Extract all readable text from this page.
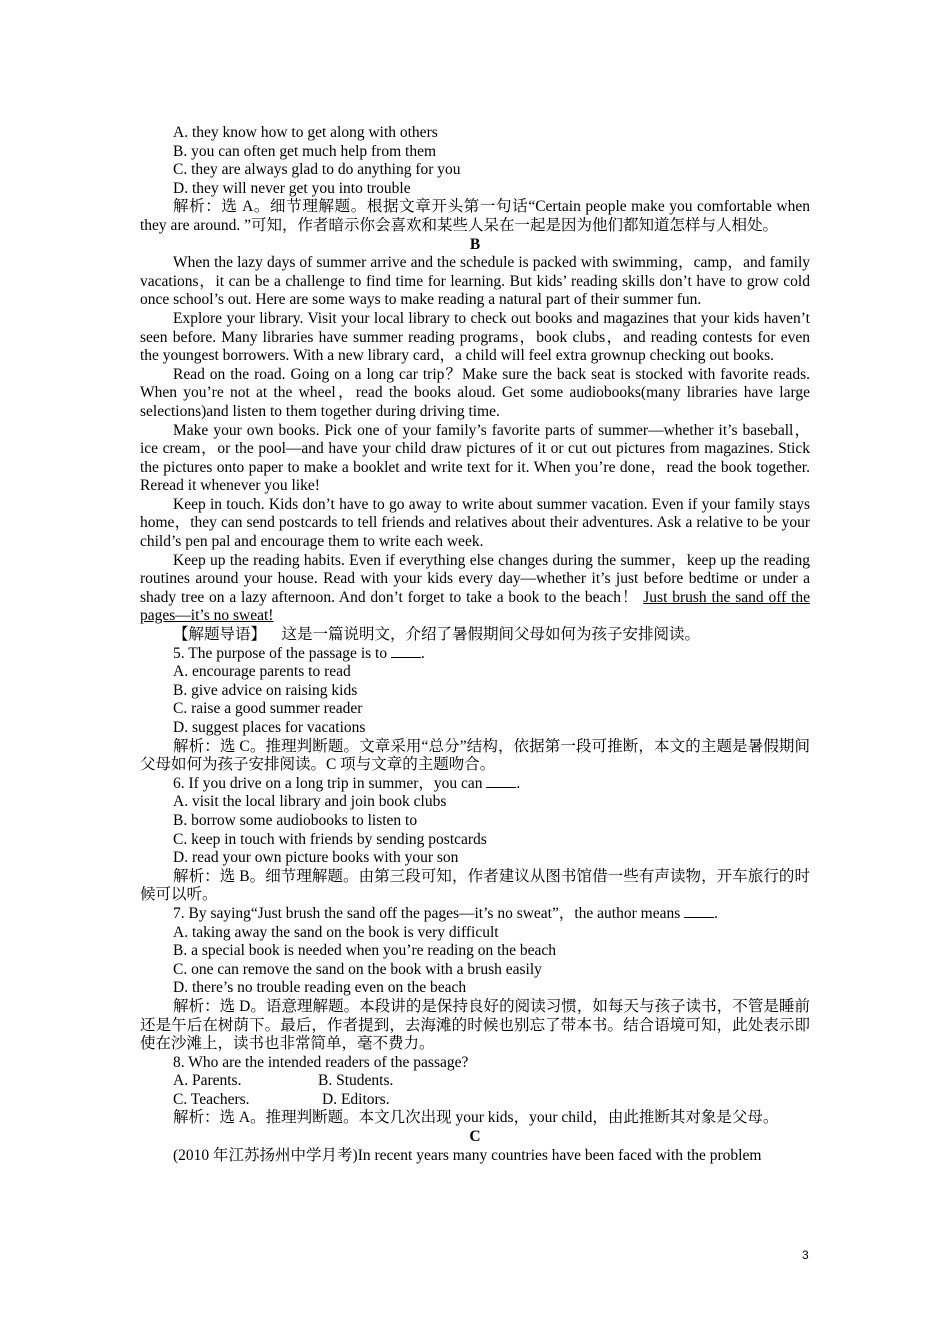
A. they know how to get along with others

B. you can often get much help from them

C. they are always glad to do anything for you

D. they will never get you into trouble

解析：选 A。细节理解题。根据文章开头第一句话“Certain people make you comfortable when they are around. ”可知，作者暗示你会喜欢和某些人呆在一起是因为他们都知道怎样与人相处。

B

When the lazy days of summer arrive and the schedule is packed with swimming，camp，and family vacations，it can be a challenge to find time for learning. But kids’ reading skills don’t have to grow cold once school’s out. Here are some ways to make reading a natural part of their summer fun.

Explore your library. Visit your local library to check out books and magazines that your kids haven’t seen before. Many libraries have summer reading programs，book clubs，and reading contests for even the youngest borrowers. With a new library card，a child will feel extra grownup checking out books.

Read on the road. Going on a long car trip？Make sure the back seat is stocked with favorite reads. When you’re not at the wheel，read the books aloud. Get some audiobooks(many libraries have large selections)and listen to them together during driving time.

Make your own books. Pick one of your family’s favorite parts of summer—whether it’s baseball，ice cream，or the pool—and have your child draw pictures of it or cut out pictures from magazines. Stick the pictures onto paper to make a booklet and write text for it. When you’re done，read the book together. Reread it whenever you like!

Keep in touch. Kids don’t have to go away to write about summer vacation. Even if your family stays home，they can send postcards to tell friends and relatives about their adventures. Ask a relative to be your child’s pen pal and encourage them to write each week.

Keep up the reading habits. Even if everything else changes during the summer，keep up the reading routines around your house. Read with your kids every day—whether it’s just before bedtime or under a shady tree on a lazy afternoon. And don’t forget to take a book to the beach！ Just brush the sand off the pages—it’s no sweat!

【解题导语】 这是一篇说明文，介绍了暑假期间父母如何为孩子安排阅读。

5. The purpose of the passage is to .

A. encourage parents to read

B. give advice on raising kids

C. raise a good summer reader

D. suggest places for vacations

解析：选 C。推理判断题。文章采用“总分”结构，依据第一段可推断，本文的主题是暑假期间父母如何为孩子安排阅读。C 项与文章的主题吻合。

6. If you drive on a long trip in summer，you can .

A. visit the local library and join book clubs

B. borrow some audiobooks to listen to

C. keep in touch with friends by sending postcards

D. read your own picture books with your son

解析：选 B。细节理解题。由第三段可知，作者建议从图书馆借一些有声读物，开车旅行的时候可以听。

7. By saying“Just brush the sand off the pages—it’s no sweat”，the author means .

A. taking away the sand on the book is very difficult

B. a special book is needed when you’re reading on the beach

C. one can remove the sand on the book with a brush easily

D. there’s no trouble reading even on the beach

解析：选 D。语意理解题。本段讲的是保持良好的阅读习惯，如每天与孩子读书，不管是睡前还是午后在树荫下。最后，作者提到，去海滩的时候也别忘了带本书。结合语境可知，此处表示即使在沙滩上，读书也非常简单，毫不费力。

8. Who are the intended readers of the passage?

A. Parents.	B. Students.

C. Teachers.	D. Editors.

解析：选 A。推理判断题。本文几次出现 your kids，your child，由此推断其对象是父母。

C

(2010 年江苏扬州中学月考)In recent years many countries have been faced with the problem

3
